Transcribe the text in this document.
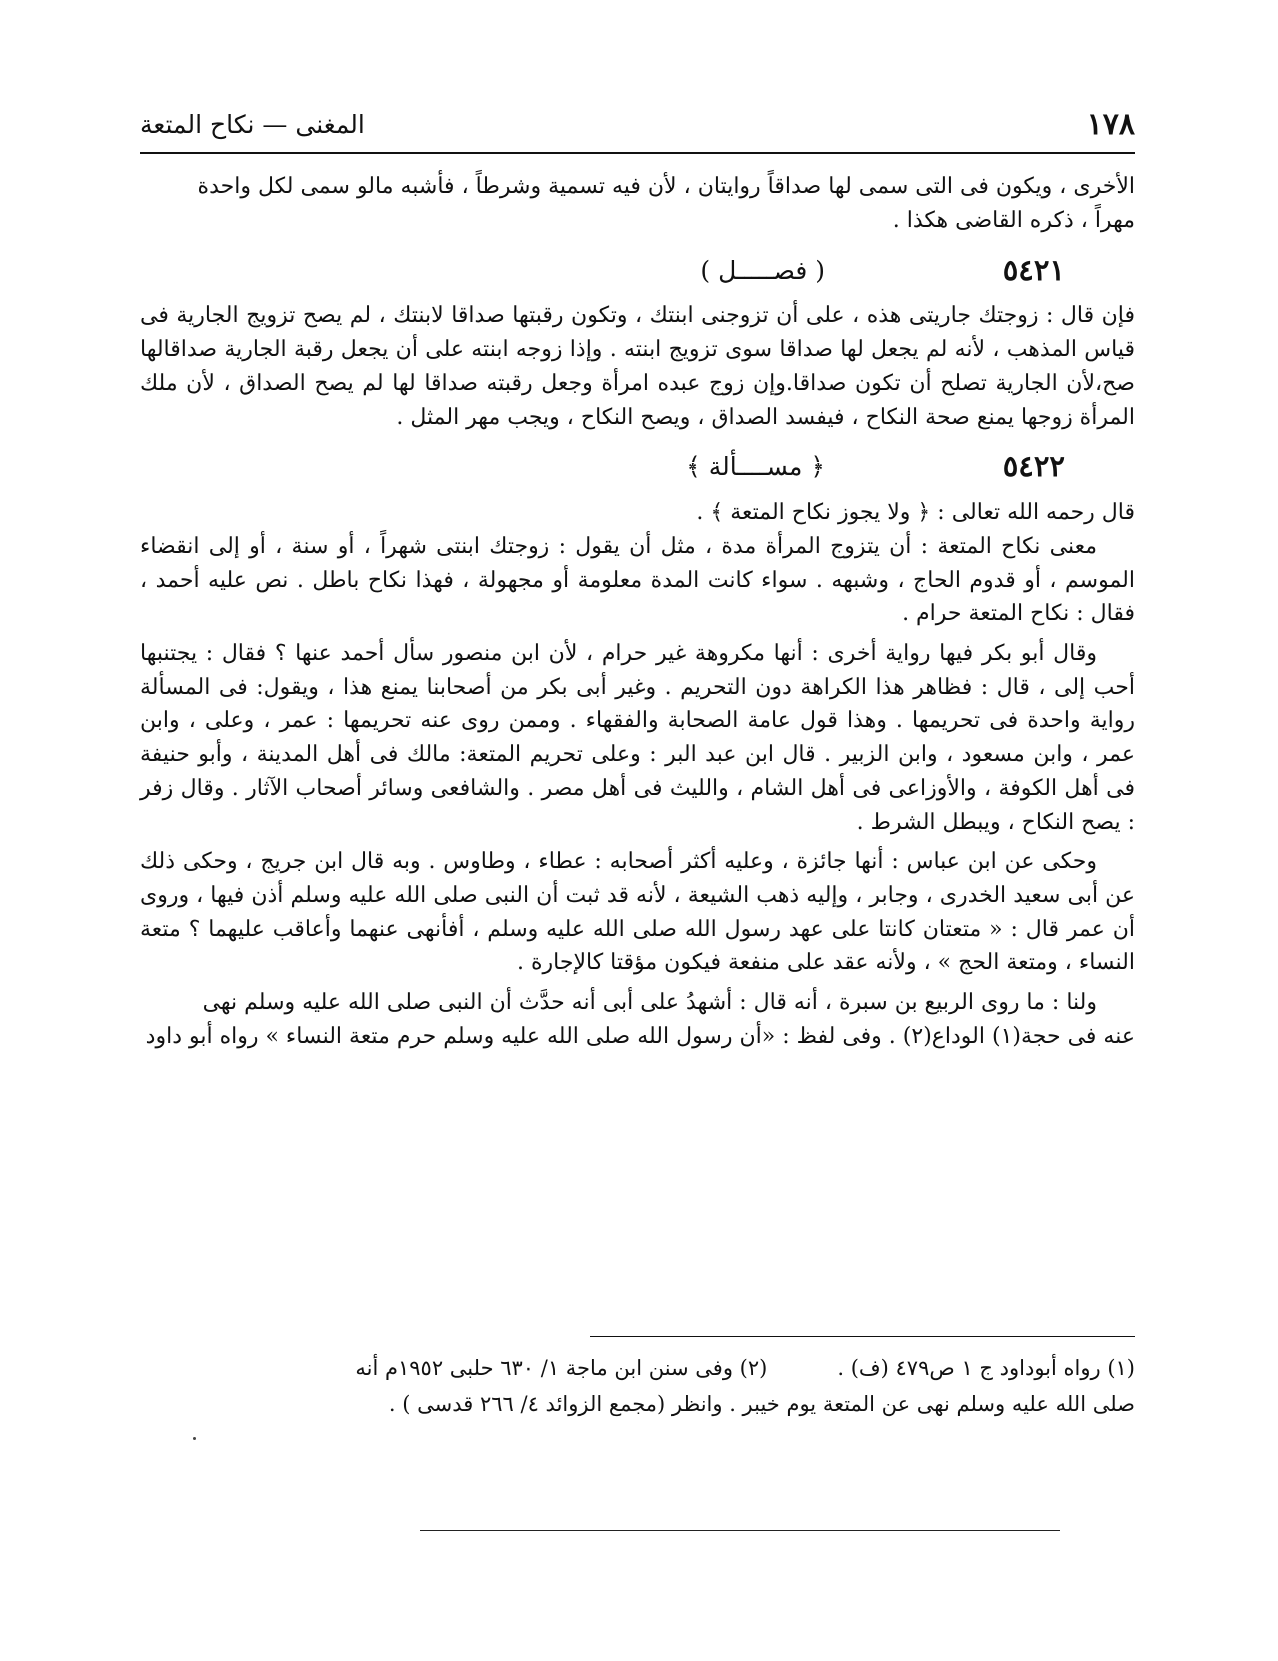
١٧٨
المغنى — نكاح المتعة

الأخرى ، ويكون فى التى سمى لها صداقاً روايتان ، لأن فيه تسمية وشرطاً ، فأشبه مالو سمى لكل واحدة

مهراً ، ذكره القاضى هكذا .

٥٤٢١
( فصـــــل )

فإن قال : زوجتك جاريتى هذه ، على أن تزوجنى ابنتك ، وتكون رقبتها صداقا لابنتك ، لم يصح تزويج الجارية فى قياس المذهب ، لأنه لم يجعل لها صداقا سوى تزويج ابنته . وإذا زوجه ابنته على أن يجعل رقبة الجارية صداقالها صح،لأن الجارية تصلح أن تكون صداقا.وإن زوج عبده امرأة وجعل رقبته صداقا لها لم يصح الصداق ، لأن ملك المرأة زوجها يمنع صحة النكاح ، فيفسد الصداق ، ويصح النكاح ، ويجب مهر المثل .

٥٤٢٢
﴿ مســــألة ﴾

قال رحمه الله تعالى : ﴿ ولا يجوز نكاح المتعة ﴾ .

معنى نكاح المتعة : أن يتزوج المرأة مدة ، مثل أن يقول : زوجتك ابنتى شهراً ، أو سنة ، أو إلى انقضاء الموسم ، أو قدوم الحاج ، وشبهه . سواء كانت المدة معلومة أو مجهولة ، فهذا نكاح باطل . نص عليه أحمد ، فقال : نكاح المتعة حرام .

وقال أبو بكر فيها رواية أخرى : أنها مكروهة غير حرام ، لأن ابن منصور سأل أحمد عنها ؟ فقال : يجتنبها أحب إلى ، قال : فظاهر هذا الكراهة دون التحريم . وغير أبى بكر من أصحابنا يمنع هذا ، ويقول: فى المسألة رواية واحدة فى تحريمها . وهذا قول عامة الصحابة والفقهاء . وممن روى عنه تحريمها : عمر ، وعلى ، وابن عمر ، وابن مسعود ، وابن الزبير . قال ابن عبد البر : وعلى تحريم المتعة: مالك فى أهل المدينة ، وأبو حنيفة فى أهل الكوفة ، والأوزاعى فى أهل الشام ، والليث فى أهل مصر . والشافعى وسائر أصحاب الآثار . وقال زفر : يصح النكاح ، ويبطل الشرط .

وحكى عن ابن عباس : أنها جائزة ، وعليه أكثر أصحابه : عطاء ، وطاوس . وبه قال ابن جريج ، وحكى ذلك عن أبى سعيد الخدرى ، وجابر ، وإليه ذهب الشيعة ، لأنه قد ثبت أن النبى صلى الله عليه وسلم أذن فيها ، وروى أن عمر قال : « متعتان كانتا على عهد رسول الله صلى الله عليه وسلم ، أفأنهى عنهما وأعاقب عليهما ؟ متعة النساء ، ومتعة الحج » ، ولأنه عقد على منفعة فيكون مؤقتا كالإجارة .

ولنا : ما روى الربيع بن سبرة ، أنه قال : أشهدُ على أبى أنه حدَّث أن النبى صلى الله عليه وسلم نهى

عنه فى حجة(١) الوداع(٢) . وفى لفظ : «أن رسول الله صلى الله عليه وسلم حرم متعة النساء » رواه أبو داود

(١) رواه أبوداود ج ١ ص٤٧٩ (ف) .
(٢) وفى سنن ابن ماجة ١/ ٦٣٠ حلبى ١٩٥٢م أنه

صلى الله عليه وسلم نهى عن المتعة يوم خيبر . وانظر (مجمع الزوائد ٤/ ٢٦٦ قدسى ) .
